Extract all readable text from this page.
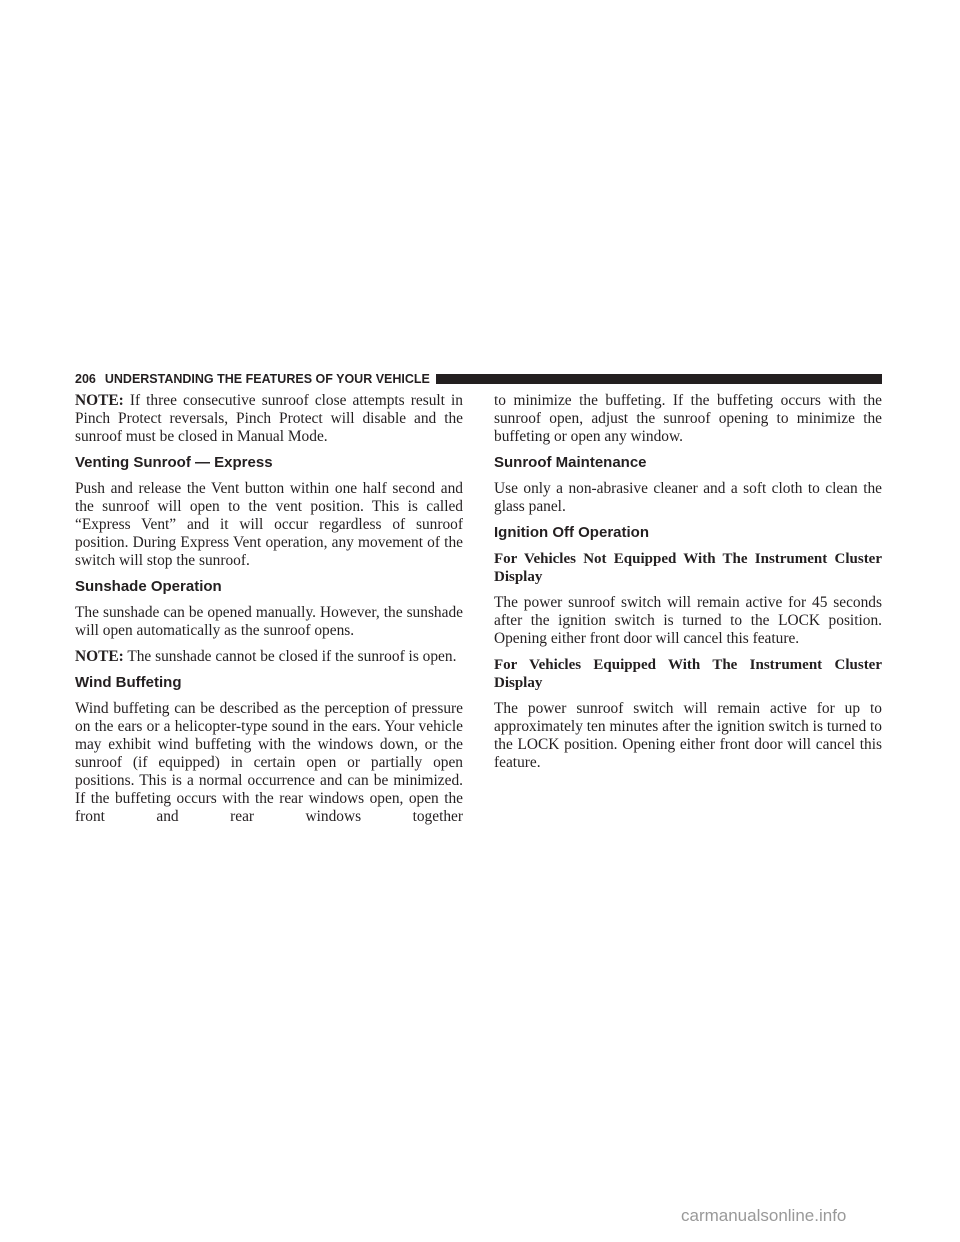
206 UNDERSTANDING THE FEATURES OF YOUR VEHICLE

NOTE: If three consecutive sunroof close attempts result in Pinch Protect reversals, Pinch Protect will disable and the sunroof must be closed in Manual Mode.

Venting Sunroof — Express

Push and release the Vent button within one half second and the sunroof will open to the vent position. This is called “Express Vent” and it will occur regardless of sunroof position. During Express Vent operation, any movement of the switch will stop the sunroof.

Sunshade Operation

The sunshade can be opened manually. However, the sunshade will open automatically as the sunroof opens.

NOTE: The sunshade cannot be closed if the sunroof is open.

Wind Buffeting

Wind buffeting can be described as the perception of pressure on the ears or a helicopter-type sound in the ears. Your vehicle may exhibit wind buffeting with the windows down, or the sunroof (if equipped) in certain open or partially open positions. This is a normal occurrence and can be minimized. If the buffeting occurs with the rear windows open, open the front and rear windows together

to minimize the buffeting. If the buffeting occurs with the sunroof open, adjust the sunroof opening to minimize the buffeting or open any window.

Sunroof Maintenance

Use only a non-abrasive cleaner and a soft cloth to clean the glass panel.

Ignition Off Operation
For Vehicles Not Equipped With The Instrument Cluster Display

The power sunroof switch will remain active for 45 seconds after the ignition switch is turned to the LOCK position. Opening either front door will cancel this feature.

For Vehicles Equipped With The Instrument Cluster Display

The power sunroof switch will remain active for up to approximately ten minutes after the ignition switch is turned to the LOCK position. Opening either front door will cancel this feature.

carmanualsonline.info
